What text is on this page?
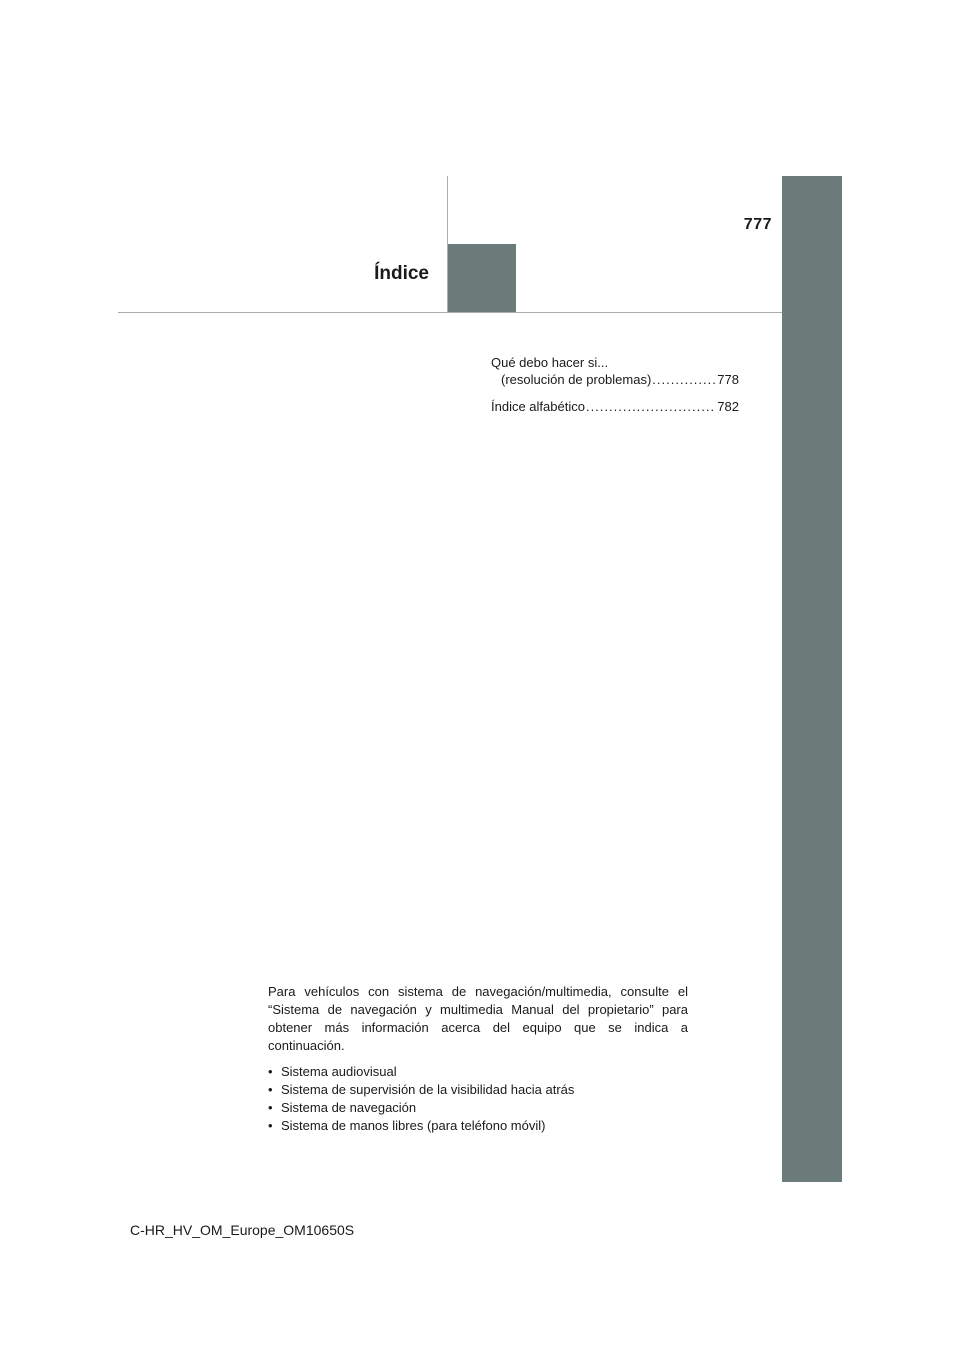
777
Índice
Qué debo hacer si...
(resolución de problemas) .....	778
Índice alfabético .....	782

Para vehículos con sistema de navegación/multimedia, consulte el “Sistema de navegación y multimedia Manual del propietario” para obtener más información acerca del equipo que se indica a continuación.

• Sistema audiovisual
• Sistema de supervisión de la visibilidad hacia atrás
• Sistema de navegación
• Sistema de manos libres (para teléfono móvil)
C-HR_HV_OM_Europe_OM10650S
